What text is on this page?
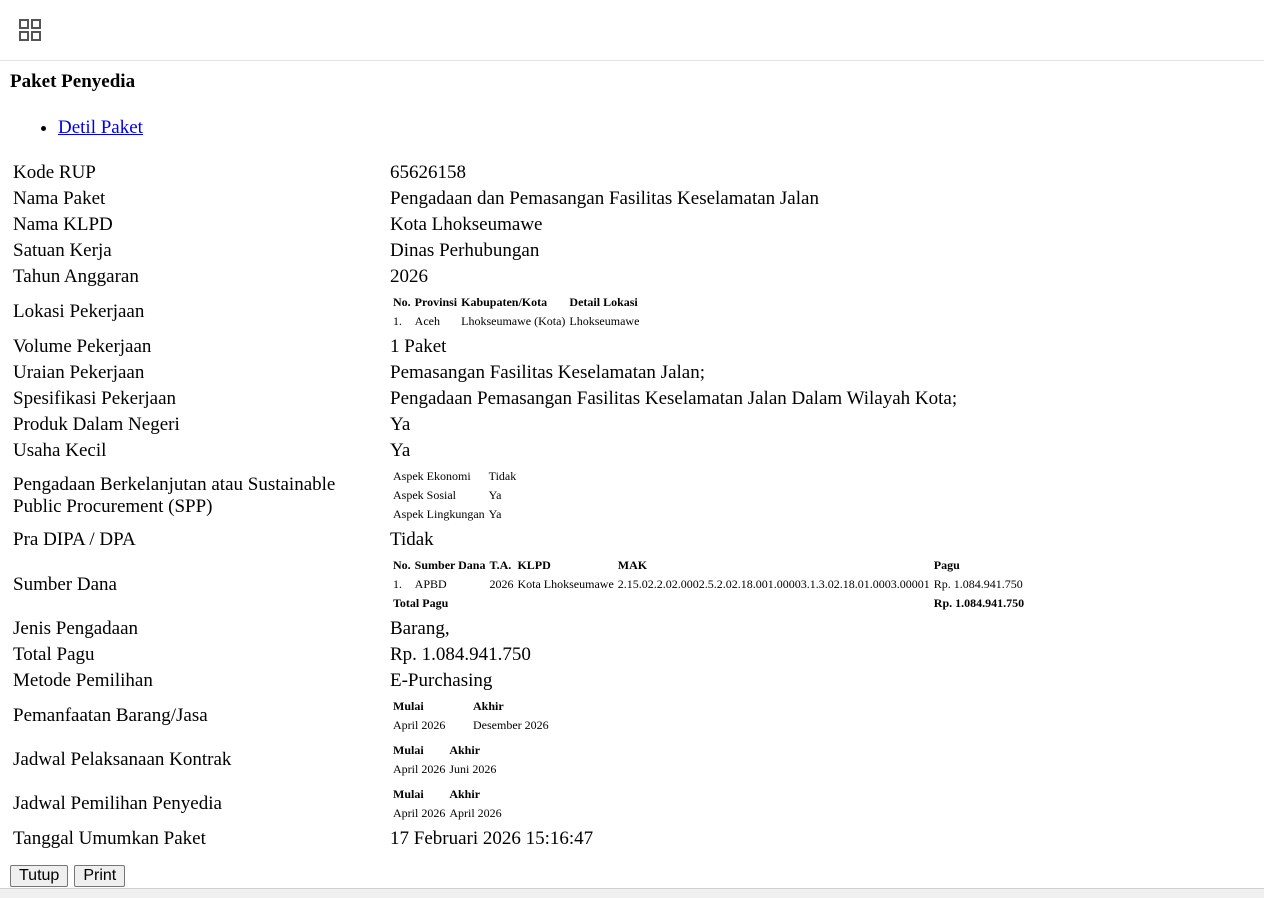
Paket Penyedia
• Detil Paket
Kode RUP	65626158
Nama Paket	Pengadaan dan Pemasangan Fasilitas Keselamatan Jalan
Nama KLPD	Kota Lhokseumawe
Satuan Kerja	Dinas Perhubungan
Tahun Anggaran	2026
Lokasi Pekerjaan		No.	Provinsi	Kabupaten/Kota	Detail Lokasi
1.	Aceh	Lhokseumawe (Kota)	Lhokseumawe

Volume Pekerjaan	1 Paket
Uraian Pekerjaan	Pemasangan Fasilitas Keselamatan Jalan;
Spesifikasi Pekerjaan	Pengadaan Pemasangan Fasilitas Keselamatan Jalan Dalam Wilayah Kota;
Produk Dalam Negeri	Ya
Usaha Kecil	Ya
Pengadaan Berkelanjutan atau Sustainable Public Procurement (SPP)	
Aspek Ekonomi	Tidak
Aspek Sosial	Ya
Aspek Lingkungan	Ya

Pra DIPA / DPA	Tidak
Sumber Dana	
No.	Sumber Dana	T.A.	KLPD	MAK	Pagu
1.	APBD	2026	Kota Lhokseumawe	2.15.02.2.02.0002.5.2.02.18.001.00003.1.3.02.18.01.0003.00001	Rp. 1.084.941.750
Total Pagu	Rp. 1.084.941.750

Jenis Pengadaan	Barang,
Total Pagu	Rp. 1.084.941.750
Metode Pemilihan	E-Purchasing
Pemanfaatan Barang/Jasa		Mulai	Akhir
April 2026	Desember 2026

Jadwal Pelaksanaan Kontrak		Mulai	Akhir
April 2026	Juni 2026

Jadwal Pemilihan Penyedia		Mulai	Akhir
April 2026	April 2026

Tanggal Umumkan Paket	17 Februari 2026 15:16:47
Tutup Print
